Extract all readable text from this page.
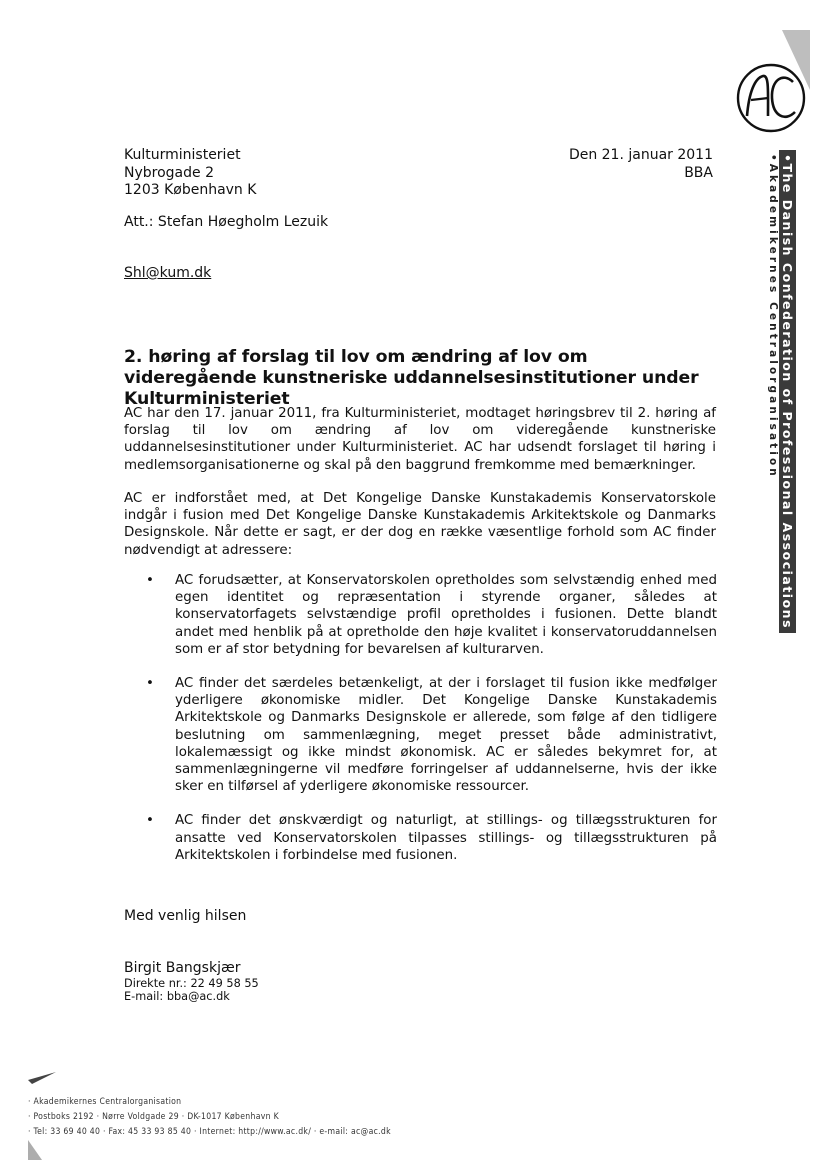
•The Danish Confederation of Professional Associations
•Akademikernes Centralorganisation
Kulturministeriet
Nybrogade 2
1203 København K
Den 21. januar 2011
BBA
Att.: Stefan Høegholm Lezuik
Shl@kum.dk
2. høring af forslag til lov om ændring af lov om videregående kunstneriske uddannelsesinstitutioner under Kulturministeriet
AC har den 17. januar 2011, fra Kulturministeriet, modtaget høringsbrev til 2. høring af forslag til lov om ændring af lov om videregående kunstneriske uddannelsesinstitutioner under Kulturministeriet. AC har udsendt forslaget til høring i medlemsorganisationerne og skal på den baggrund fremkomme med bemærkninger.
AC er indforstået med, at Det Kongelige Danske Kunstakademis Konservatorskole indgår i fusion med Det Kongelige Danske Kunstakademis Arkitektskole og Danmarks Designskole. Når dette er sagt, er der dog en række væsentlige forhold som AC finder nødvendigt at adressere:
• AC forudsætter, at Konservatorskolen opretholdes som selvstændig enhed med egen identitet og repræsentation i styrende organer, således at konservatorfagets selvstændige profil opretholdes i fusionen. Dette blandt andet med henblik på at opretholde den høje kvalitet i konservatoruddannelsen som er af stor betydning for bevarelsen af kulturarven.
• AC finder det særdeles betænkeligt, at der i forslaget til fusion ikke medfølger yderligere økonomiske midler. Det Kongelige Danske Kunstakademis Arkitektskole og Danmarks Designskole er allerede, som følge af den tidligere beslutning om sammenlægning, meget presset både administrativt, lokalemæssigt og ikke mindst økonomisk. AC er således bekymret for, at sammenlægningerne vil medføre forringelser af uddannelserne, hvis der ikke sker en tilførsel af yderligere økonomiske ressourcer.
• AC finder det ønskværdigt og naturligt, at stillings- og tillægsstrukturen for ansatte ved Konservatorskolen tilpasses stillings- og tillægsstrukturen på Arkitektskolen i forbindelse med fusionen.
Med venlig hilsen
Birgit Bangskjær
Direkte nr.: 22 49 58 55
E-mail: bba@ac.dk
· Akademikernes Centralorganisation
· Postboks 2192 · Nørre Voldgade 29 · DK-1017 København K
· Tel: 33 69 40 40 · Fax: 45 33 93 85 40 · Internet: http://www.ac.dk/ · e-mail: ac@ac.dk
